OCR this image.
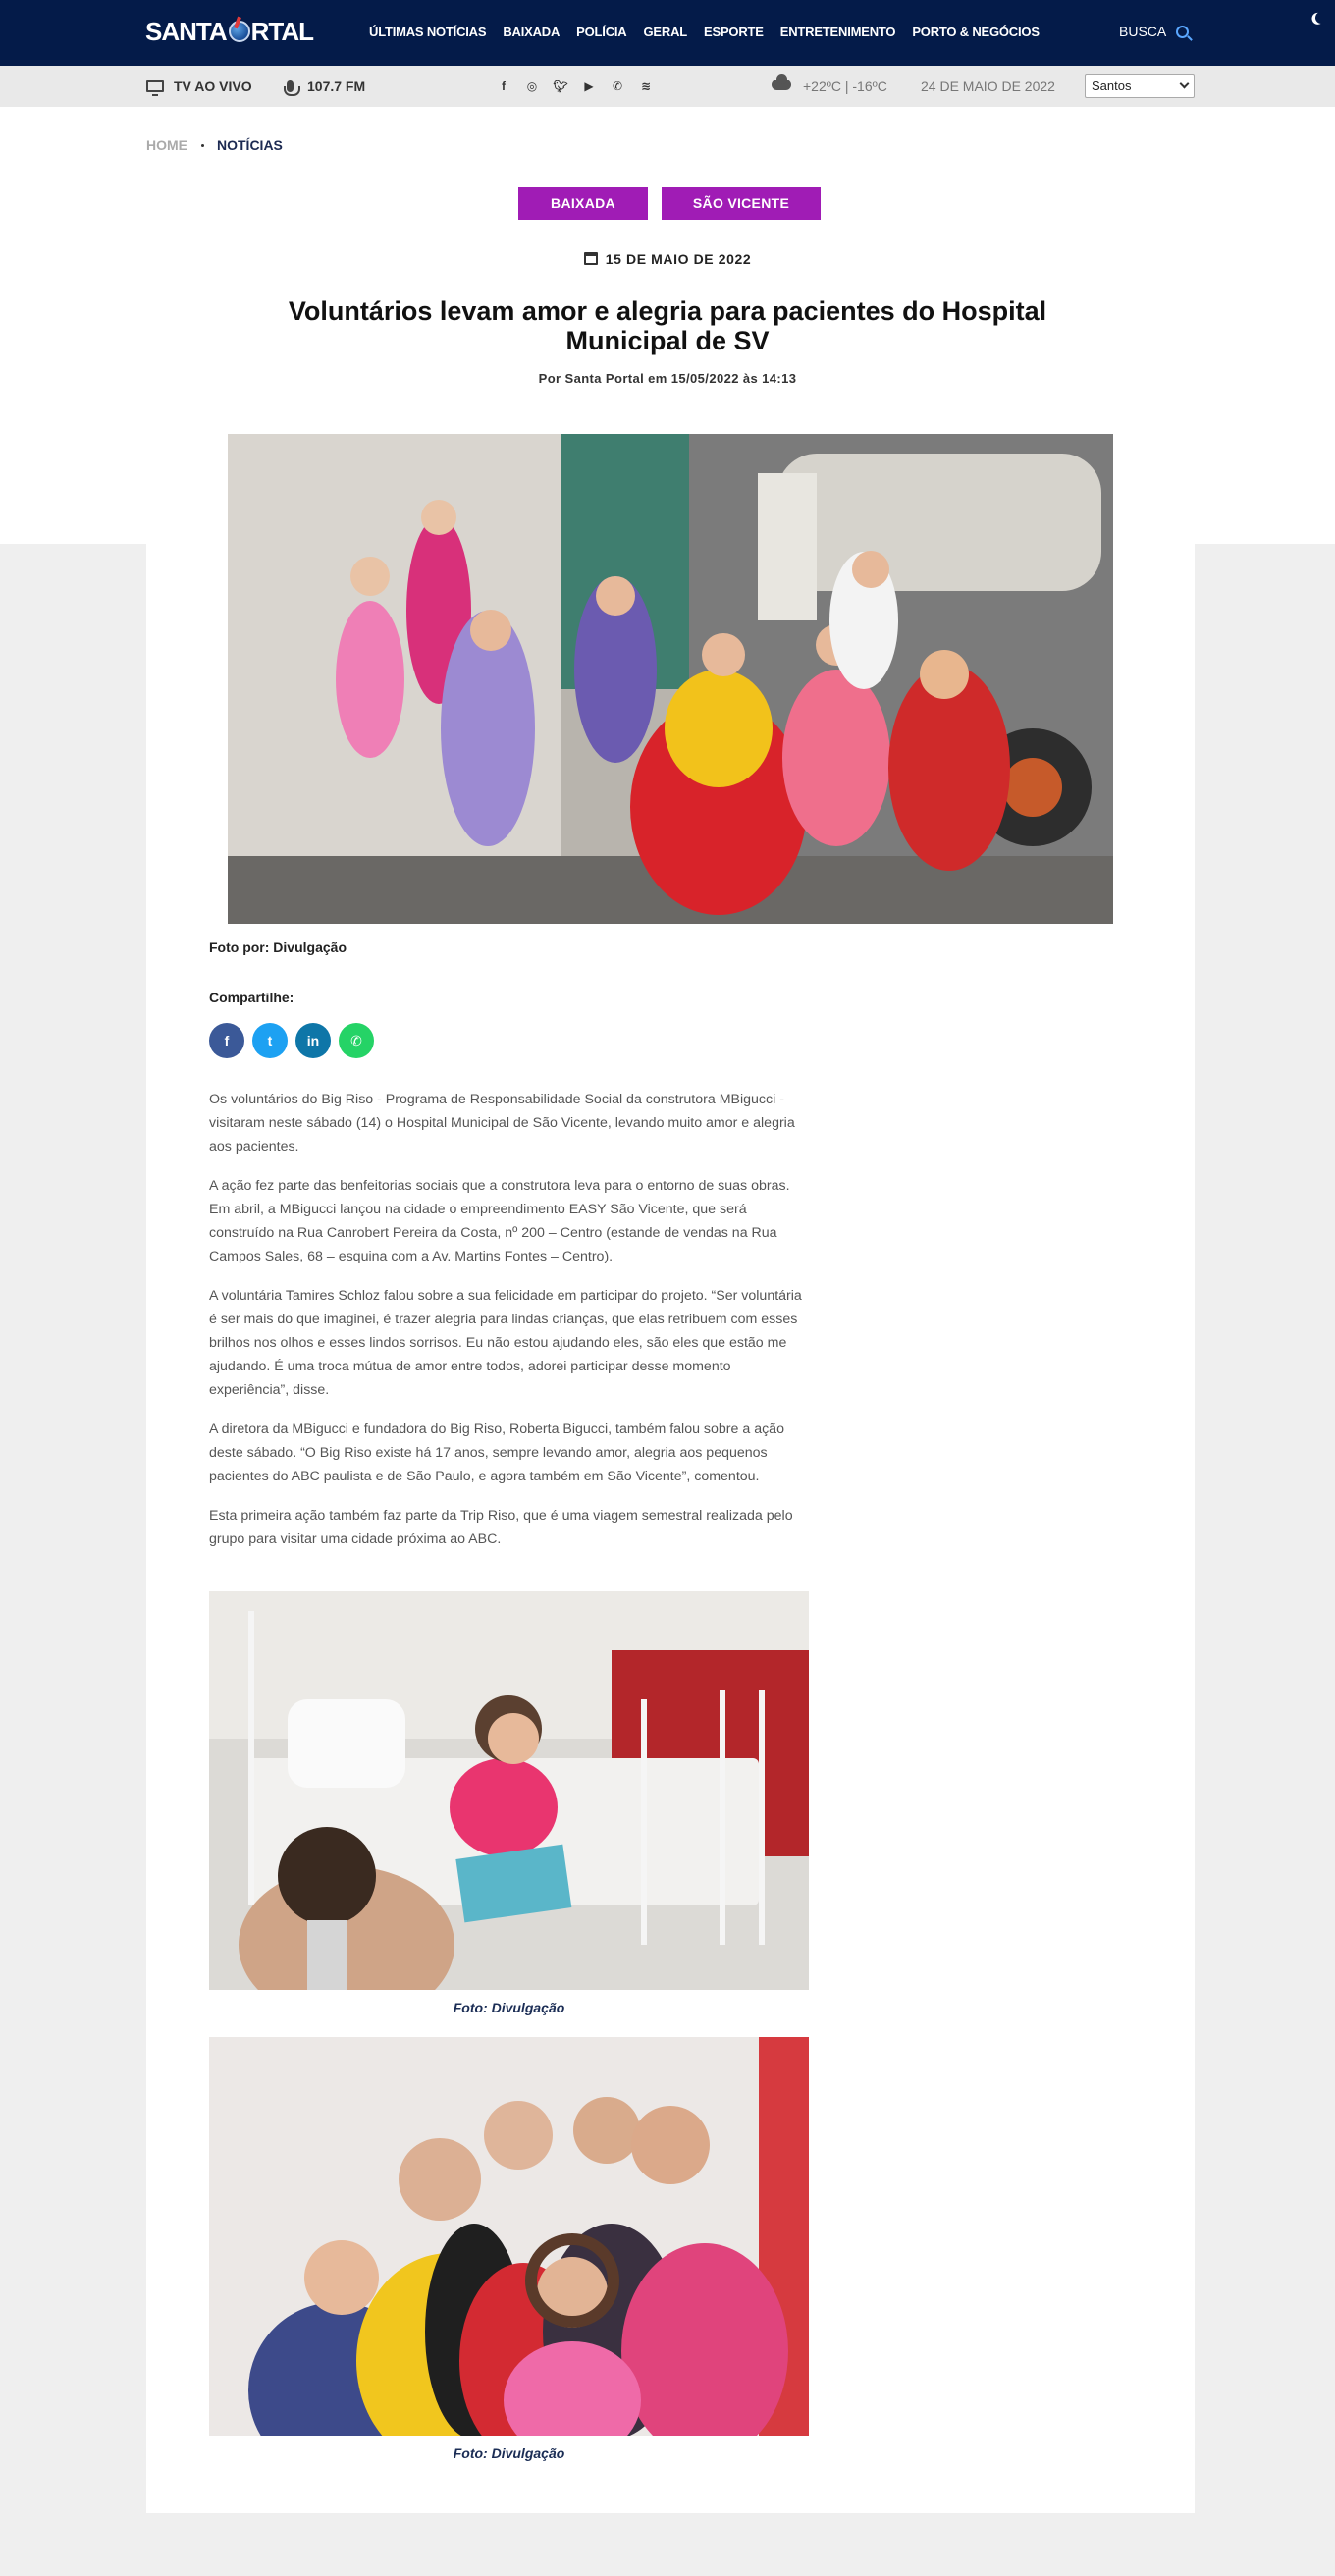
SANTA RTAL	ÚLTIMAS NOTÍCIAS BAIXADA POLÍCIA GERAL ESPORTE ENTRETENIMENTO PORTO & NEGÓCIOS	BUSCA
TV AO VIVO	107.7 FM	f	◎	🐦︎	▶	✆	≋	+22ºC | -16ºC 24 DE MAIO DE 2022	Santos
HOME NOTÍCIAS
BAIXADA	SÃO VICENTE
15 DE MAIO DE 2022
Voluntários levam amor e alegria para pacientes do Hospital Municipal de SV
Por Santa Portal em 15/05/2022 às 14:13
Foto por: Divulgação
Compartilhe:
f	t	in ✆

Os voluntários do Big Riso - Programa de Responsabilidade Social da construtora MBigucci - visitaram neste sábado (14) o Hospital Municipal de São Vicente, levando muito amor e alegria aos pacientes.

A ação fez parte das benfeitorias sociais que a construtora leva para o entorno de suas obras. Em abril, a MBigucci lançou na cidade o empreendimento EASY São Vicente, que será construído na Rua Canrobert Pereira da Costa, nº 200 – Centro (estande de vendas na Rua Campos Sales, 68 – esquina com a Av. Martins Fontes – Centro).

A voluntária Tamires Schloz falou sobre a sua felicidade em participar do projeto. “Ser voluntária é ser mais do que imaginei, é trazer alegria para lindas crianças, que elas retribuem com esses brilhos nos olhos e esses lindos sorrisos. Eu não estou ajudando eles, são eles que estão me ajudando. É uma troca mútua de amor entre todos, adorei participar desse momento experiência”, disse.

A diretora da MBigucci e fundadora do Big Riso, Roberta Bigucci, também falou sobre a ação deste sábado. “O Big Riso existe há 17 anos, sempre levando amor, alegria aos pequenos pacientes do ABC paulista e de São Paulo, e agora também em São Vicente”, comentou.

Esta primeira ação também faz parte da Trip Riso, que é uma viagem semestral realizada pelo grupo para visitar uma cidade próxima ao ABC.

Foto: Divulgação
Foto: Divulgação
